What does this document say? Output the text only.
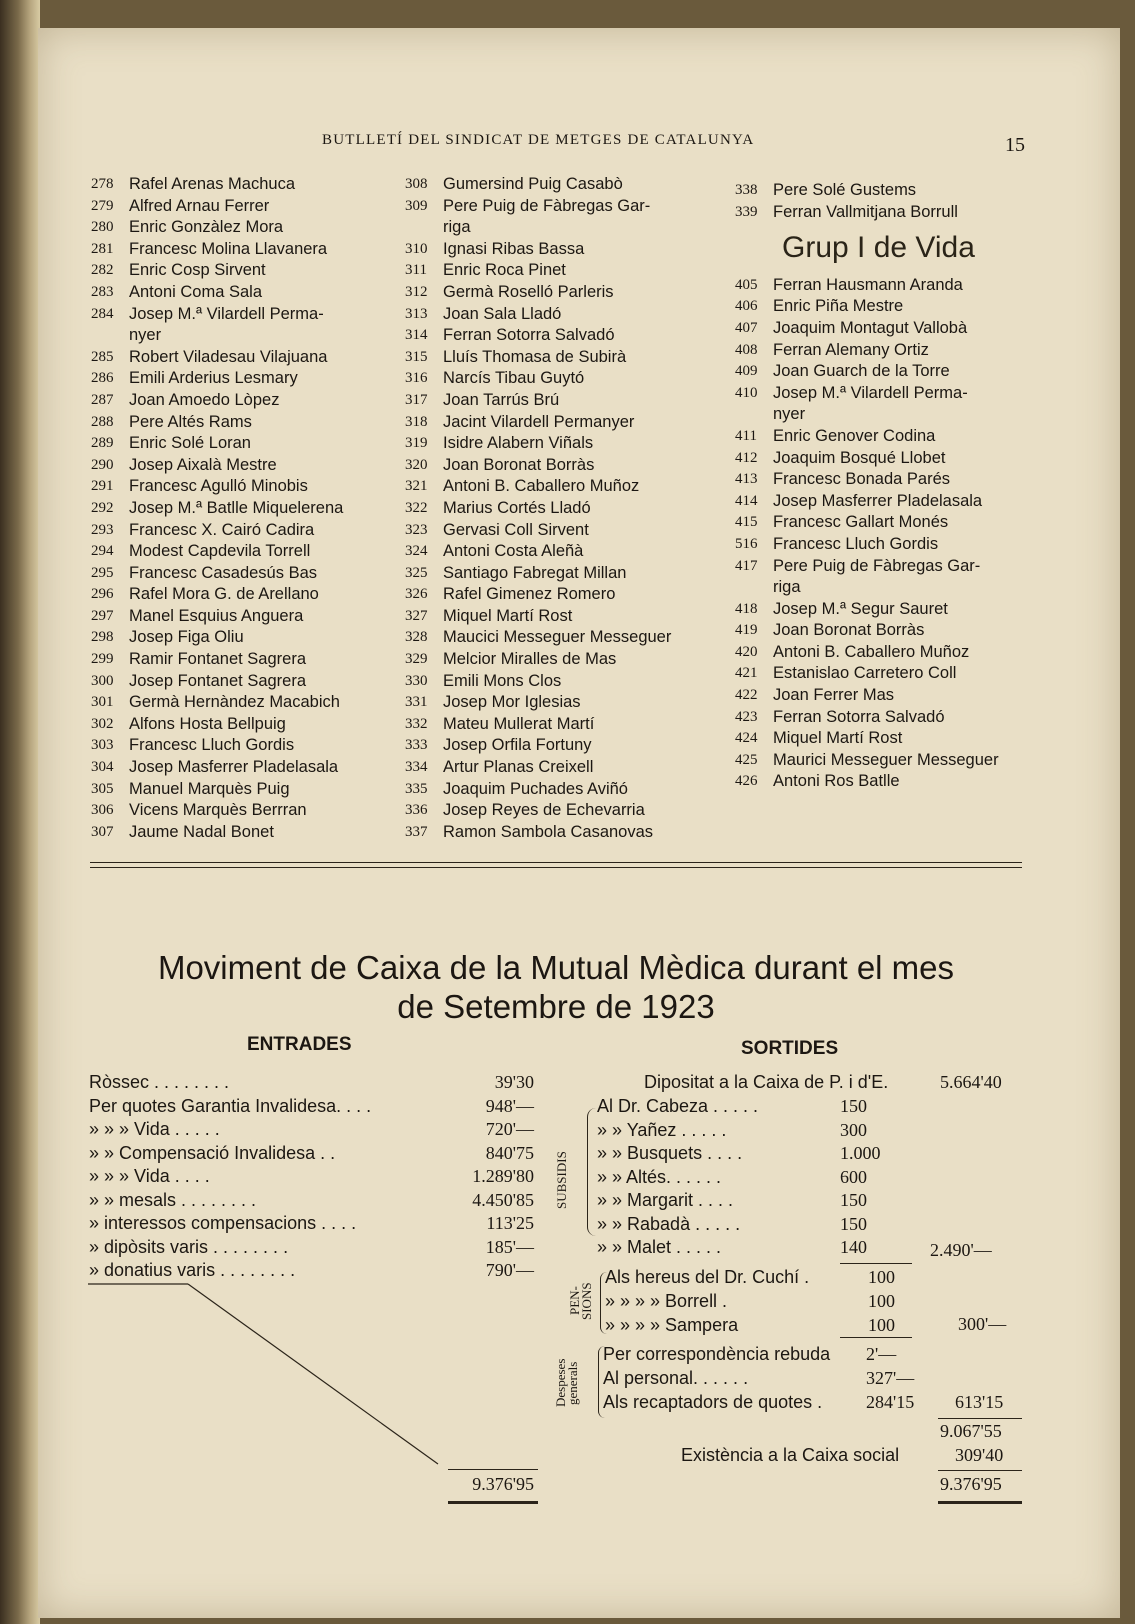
BUTLLETÍ DEL SINDICAT DE METGES DE CATALUNYA	15
278 Rafel Arenas Machuca
279 Alfred Arnau Ferrer
280 Enric Gonzàlez Mora
281 Francesc Molina Llavanera
282 Enric Cosp Sirvent
283 Antoni Coma Sala
284 Josep M.ª Vilardell Perma-
nyer
285 Robert Viladesau Vilajuana
286 Emili Arderius Lesmary
287 Joan Amoedo Lòpez
288 Pere Altés Rams
289 Enric Solé Loran
290 Josep Aixalà Mestre
291 Francesc Agulló Minobis
292 Josep M.ª Batlle Miquelerena
293 Francesc X. Cairó Cadira
294 Modest Capdevila Torrell
295 Francesc Casadesús Bas
296 Rafel Mora G. de Arellano
297 Manel Esquius Anguera
298 Josep Figa Oliu
299 Ramir Fontanet Sagrera
300 Josep Fontanet Sagrera
301 Germà Hernàndez Macabich
302 Alfons Hosta Bellpuig
303 Francesc Lluch Gordis
304 Josep Masferrer Pladelasala
305 Manuel Marquès Puig
306 Vicens Marquès Berrran
307 Jaume Nadal Bonet
308 Gumersind Puig Casabò
309 Pere Puig de Fàbregas Gar-
riga
310 Ignasi Ribas Bassa
311 Enric Roca Pinet
312 Germà Roselló Parleris
313 Joan Sala Lladó
314 Ferran Sotorra Salvadó
315 Lluís Thomasa de Subirà
316 Narcís Tibau Guytó
317 Joan Tarrús Brú
318 Jacint Vilardell Permanyer
319 Isidre Alabern Viñals
320 Joan Boronat Borràs
321 Antoni B. Caballero Muñoz
322 Marius Cortés Lladó
323 Gervasi Coll Sirvent
324 Antoni Costa Aleñà
325 Santiago Fabregat Millan
326 Rafel Gimenez Romero
327 Miquel Martí Rost
328 Maucici Messeguer Messeguer
329 Melcior Miralles de Mas
330 Emili Mons Clos
331 Josep Mor Iglesias
332 Mateu Mullerat Martí
333 Josep Orfila Fortuny
334 Artur Planas Creixell
335 Joaquim Puchades Aviñó
336 Josep Reyes de Echevarria
337 Ramon Sambola Casanovas
338 Pere Solé Gustems
339 Ferran Vallmitjana Borrull
Grup I de Vida
405 Ferran Hausmann Aranda
406 Enric Piña Mestre
407 Joaquim Montagut Vallobà
408 Ferran Alemany Ortiz
409 Joan Guarch de la Torre
410 Josep M.ª Vilardell Perma-
nyer
411 Enric Genover Codina
412 Joaquim Bosqué Llobet
413 Francesc Bonada Parés
414 Josep Masferrer Pladelasala
415 Francesc Gallart Monés
516 Francesc Lluch Gordis
417 Pere Puig de Fàbregas Gar-
riga
418 Josep M.ª Segur Sauret
419 Joan Boronat Borràs
420 Antoni B. Caballero Muñoz
421 Estanislao Carretero Coll
422 Joan Ferrer Mas
423 Ferran Sotorra Salvadó
424 Miquel Martí Rost
425 Maurici Messeguer Messeguer
426 Antoni Ros Batlle
Moviment de Caixa de la Mutual Mèdica durant el mes
de Setembre de 1923
ENTRADES	SORTIDES
Ròssec . . . . . . . .	39'30
Per quotes Garantia Invalidesa. . . .	948'—
» » » Vida . . . . .	720'—
» » Compensació Invalidesa . .	840'75
» » » Vida . . . .	1.289'80
» » mesals . . . . . . . .	4.450'85
» interessos compensacions . . . .	113'25
» dipòsits varis . . . . . . . .	185'—
» donatius varis . . . . . . . .	790'—
9.376'95
Dipositat a la Caixa de P. i d'E.	5.664'40
SUBSIDIS
Al Dr. Cabeza . . . . .	150
» » Yañez . . . . .	300
» » Busquets . . . .	1.000
» » Altés. . . . . .	600
» » Margarit . . . .	150
» » Rabadà . . . . .	150
» » Malet . . . . .	140	2.490'—
PEN-SIONS
Als hereus del Dr. Cuchí .	100
» » » » Borrell .	100
» » » » Sampera	100	300'—
Despeses generals
Per correspondència rebuda 2'—
Al personal. . . . . .	327'—
Als recaptadors de quotes . 284'15	613'15
9.067'55
Existència a la Caixa social	309'40
9.376'95
